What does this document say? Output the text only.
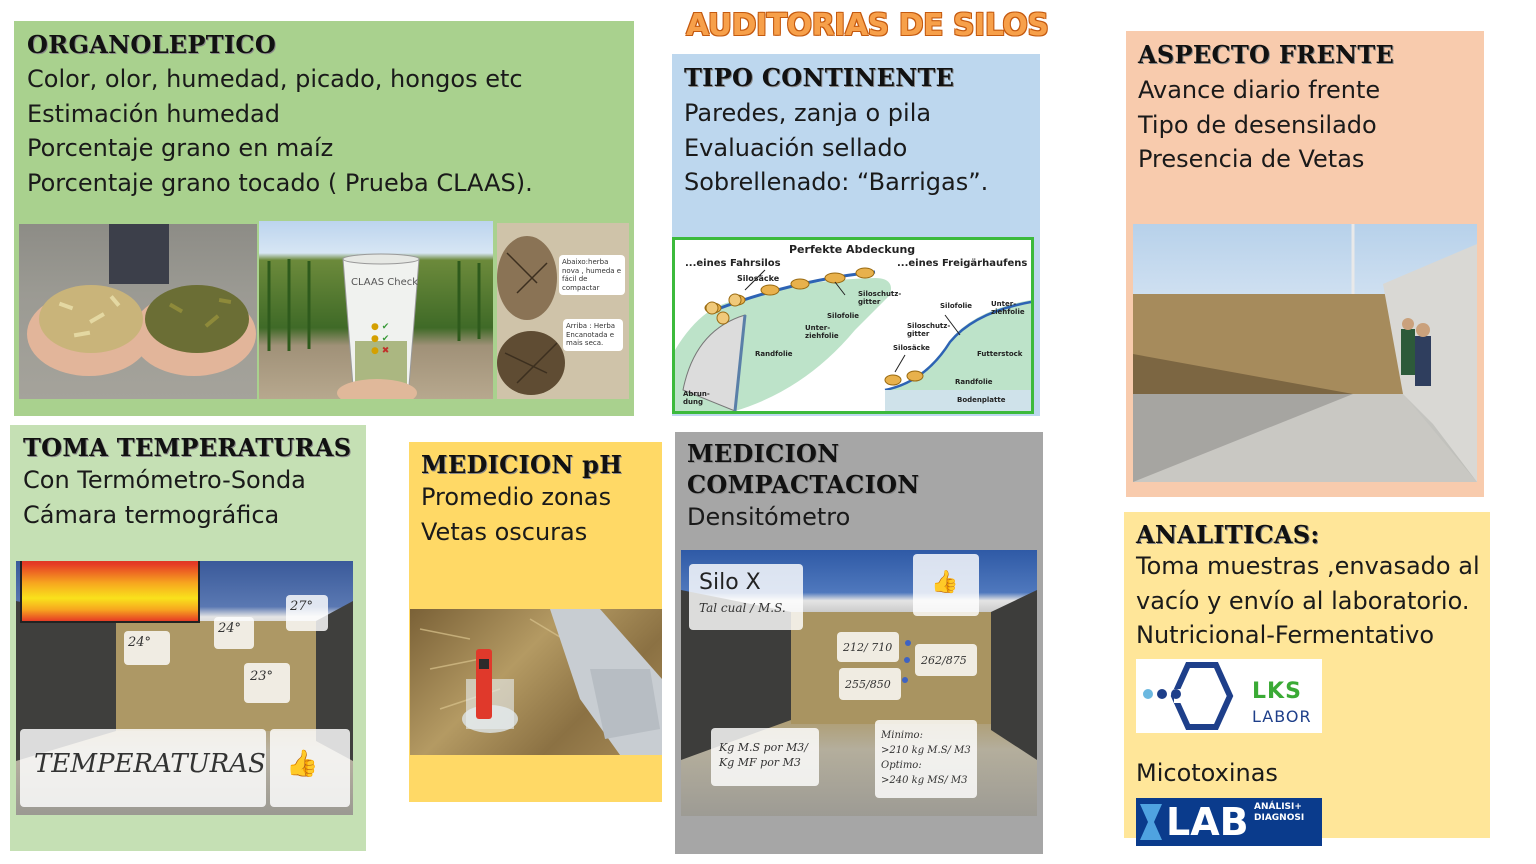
AUDITORIAS DE SILOS
ORGANOLEPTICO
Color, olor, humedad, picado, hongos etc
Estimación humedad
Porcentaje grano en maíz
Porcentaje grano tocado ( Prueba CLAAS).
CLAAS Check
● ✔
● ✔
● ✖
Abaixo:herba nova , humeda e fácil de compactar
Arriba : Herba Encanotada e mais seca.
TIPO CONTINENTE
Paredes, zanja o pila
Evaluación sellado
Sobrellenado: “Barrigas”.
Perfekte Abdeckung
...eines Fahrsilos	...eines Freigärhaufens
Silosäcke
Siloschutz-gitter
Silofolie
Unter-ziehfolie
Randfolie
Abrun-dung
Silofolie	Unter-ziehfolie
Siloschutz-gitter
Silosäcke
Futterstock
Randfolie
Bodenplatte
ASPECTO FRENTE
Avance diario frente
Tipo de desensilado
Presencia de Vetas
TOMA TEMPERATURAS
Con Termómetro-Sonda
Cámara termográfica
27°
24°
24°
23°
TEMPERATURAS 👍
MEDICION pH
Promedio zonas
Vetas oscuras
MEDICION
COMPACTACION
Densitómetro
Silo X
Tal cual / M.S.
👍
212/ 710
262/875
255/850
Kg M.S por M3/
Kg MF por M3
Minimo:
>210 kg M.S/ M3
Optimo:
>240 kg MS/ M3
ANALITICAS:
Toma muestras ,envasado al
vacío y envío al laboratorio.
Nutricional-Fermentativo
LKS
LABOR
Micotoxinas
LAB ANÁLISI+
DIAGNOSI
